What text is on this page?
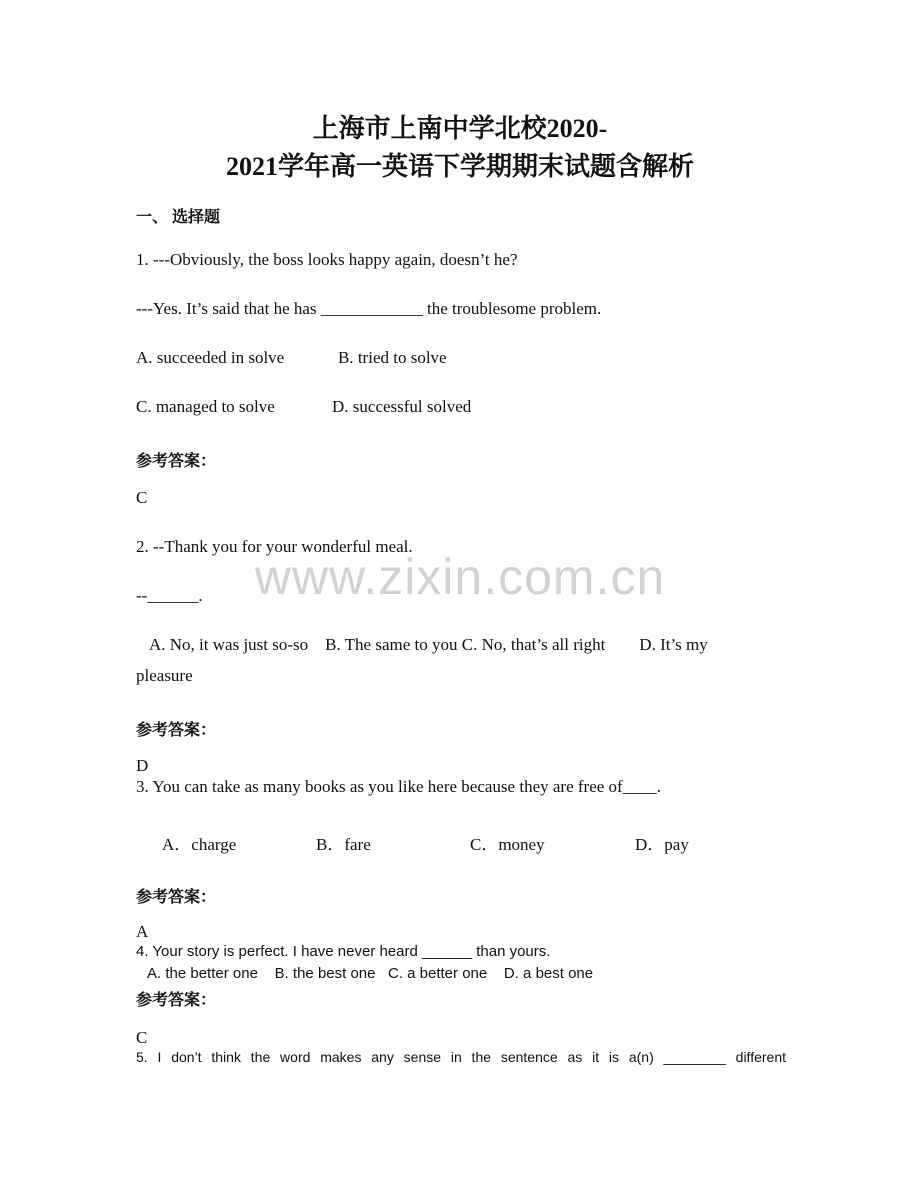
上海市上南中学北校2020-
2021学年高一英语下学期期末试题含解析
一、 选择题
1. ---Obviously, the boss looks happy again, doesn’t he?
---Yes. It’s said that he has ____________ the troublesome problem.
A. succeeded in solve	B. tried to solve
C. managed to solve	D. successful solved
参考答案：
C
2. --Thank you for your wonderful meal.
--______.
A. No, it was just so-so    B. The same to you C. No, that’s all right        D. It’s my
pleasure
参考答案：
D
3. You can take as many books as you like here because they are free of____.
A．charge	B．fare	C．money	D．pay
参考答案：
A
4. Your story is perfect. I have never heard ______ than yours.
A. the better one    B. the best one   C. a better one    D. a best one
参考答案：
C
5. I don’t think the word makes any sense in the sentence as it is a(n) ________ different
www.zixin.com.cn
